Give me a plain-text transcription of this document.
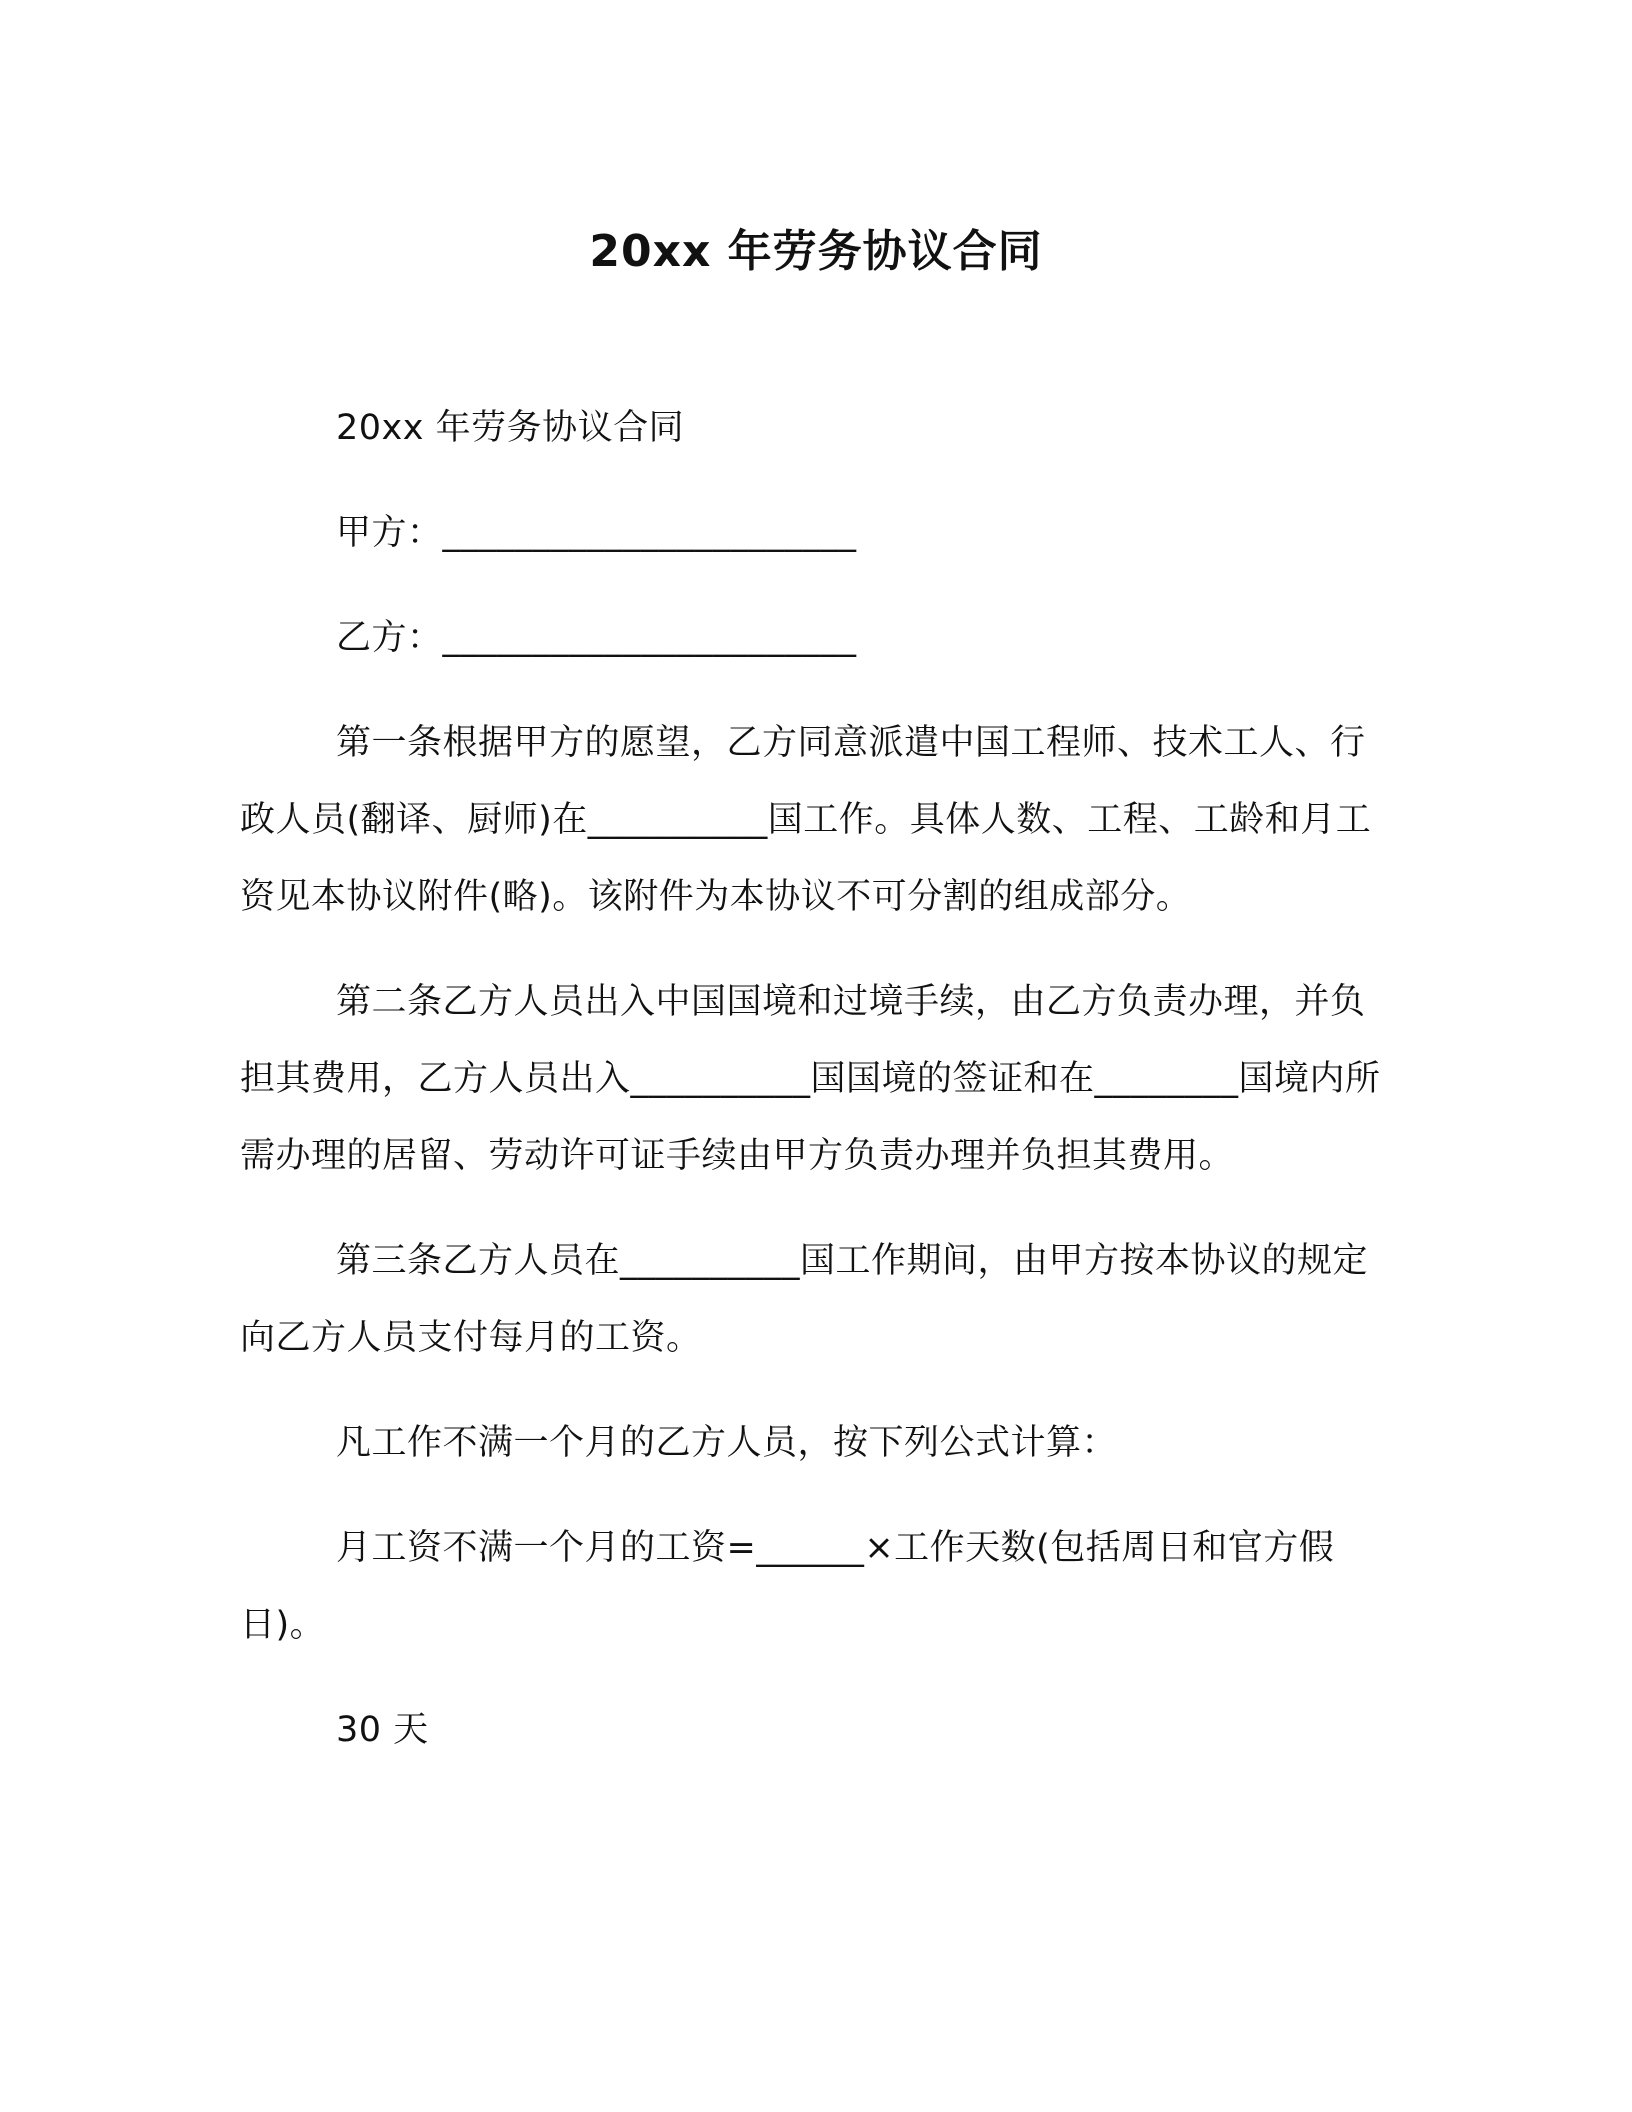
20xx 年劳务协议合同

20xx 年劳务协议合同

甲方：_______________________

乙方：_______________________

第一条根据甲方的愿望，乙方同意派遣中国工程师、技术工人、行政人员(翻译、厨师)在__________国工作。具体人数、工程、工龄和月工资见本协议附件(略)。该附件为本协议不可分割的组成部分。

第二条乙方人员出入中国国境和过境手续，由乙方负责办理，并负担其费用，乙方人员出入__________国国境的签证和在________国境内所需办理的居留、劳动许可证手续由甲方负责办理并负担其费用。

第三条乙方人员在__________国工作期间，由甲方按本协议的规定向乙方人员支付每月的工资。

凡工作不满一个月的乙方人员，按下列公式计算：

月工资不满一个月的工资=______×工作天数(包括周日和官方假日)。

30 天
